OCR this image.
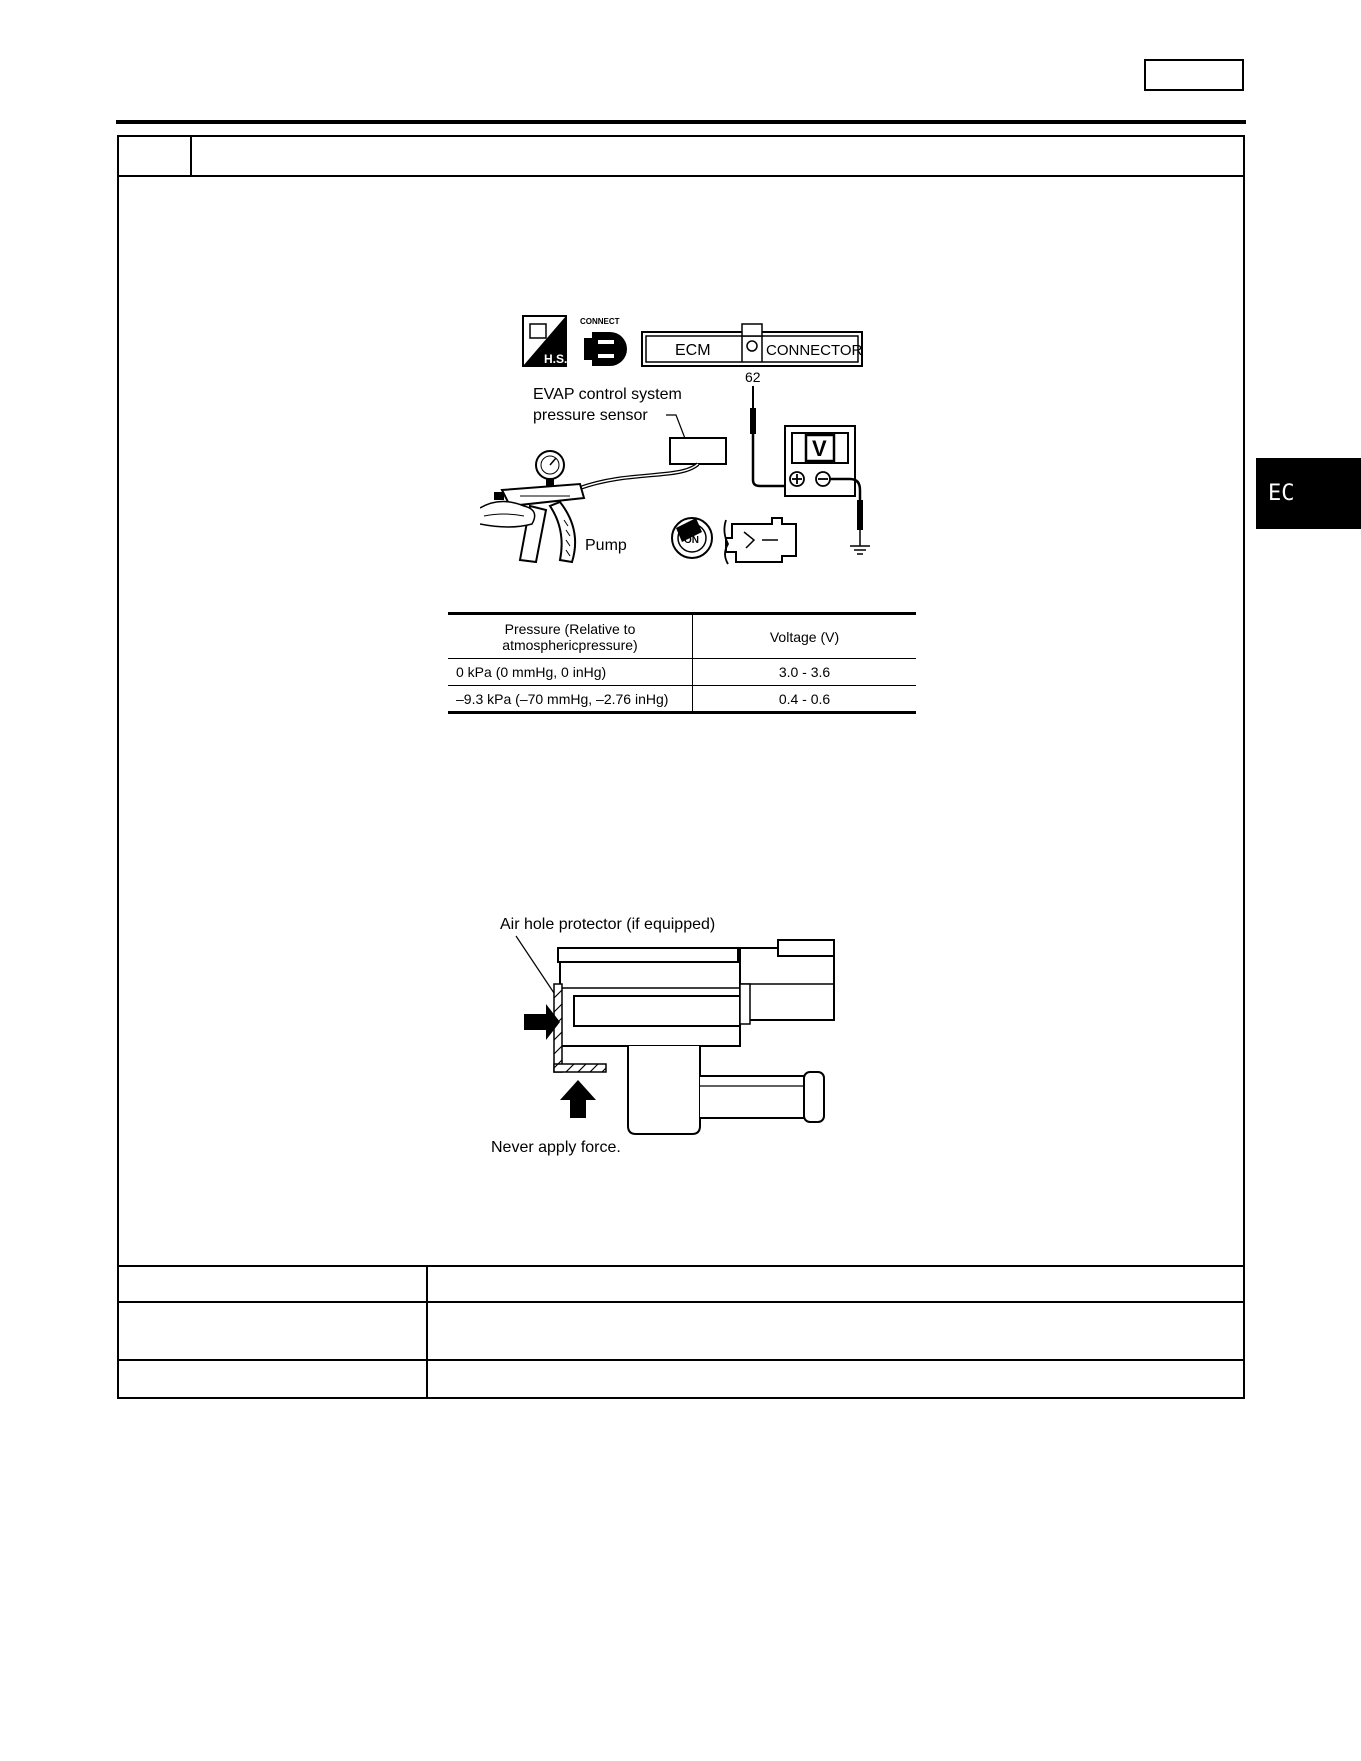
EC
H.S.
CONNECT
ECM	CONNECTOR
62
V
EVAP control system
pressure sensor
Pump	ON
Pressure (Relative to
atmosphericpressure)	Voltage (V)
0 kPa (0 mmHg, 0 inHg)	3.0 - 3.6
–9.3 kPa (–70 mmHg, –2.76 inHg)	0.4 - 0.6
Air hole protector (if equipped)
Never apply force.
